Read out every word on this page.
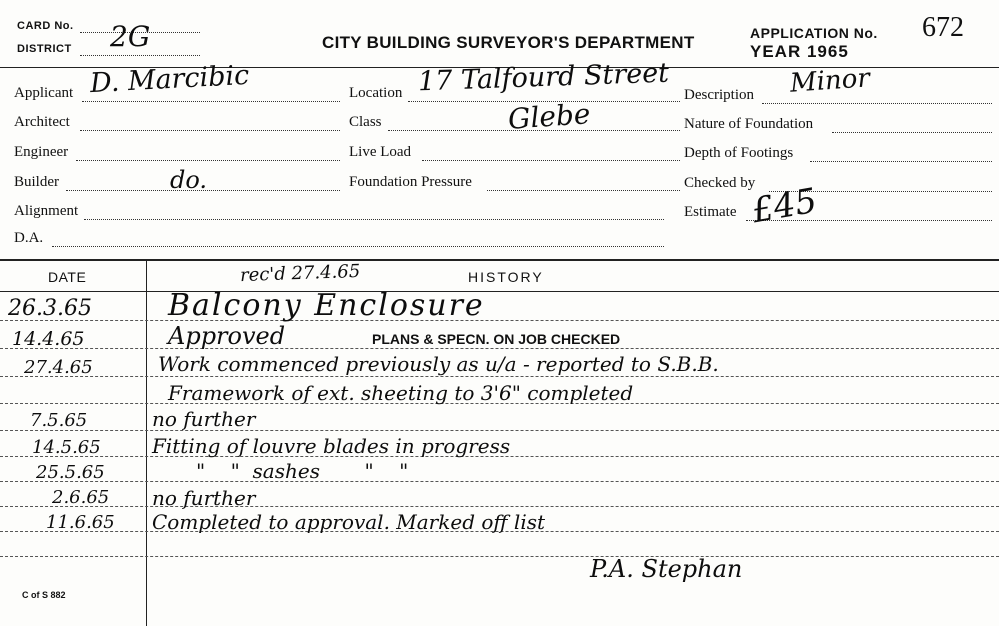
CARD No. 2G
DISTRICT	CITY BUILDING SURVEYOR'S DEPARTMENT	APPLICATION No. 672
YEAR 1965
Applicant D. Marcibic
Architect
Engineer
Builder	do.
Alignment
D.A.
Location 17 Talfourd Street
Class	Glebe
Live Load
Foundation Pressure
Description Minor
Nature of Foundation
Depth of Footings
Checked by
Estimate £45
DATE	HISTORY
rec'd 27.4.65
26.3.65	Balcony Enclosure
14.4.65	Approved	PLANS & SPECN. ON JOB CHECKED
27.4.65	Work commenced previously as u/a - reported to S.B.B.
Framework of ext. sheeting to 3'6" completed
7.5.65	no further
14.5.65	Fitting of louvre blades in progress
25.5.65	"    "  sashes       "    "
2.6.65 no further
11.6.65 Completed to approval. Marked off list
P.A. Stephan
C of S 882
